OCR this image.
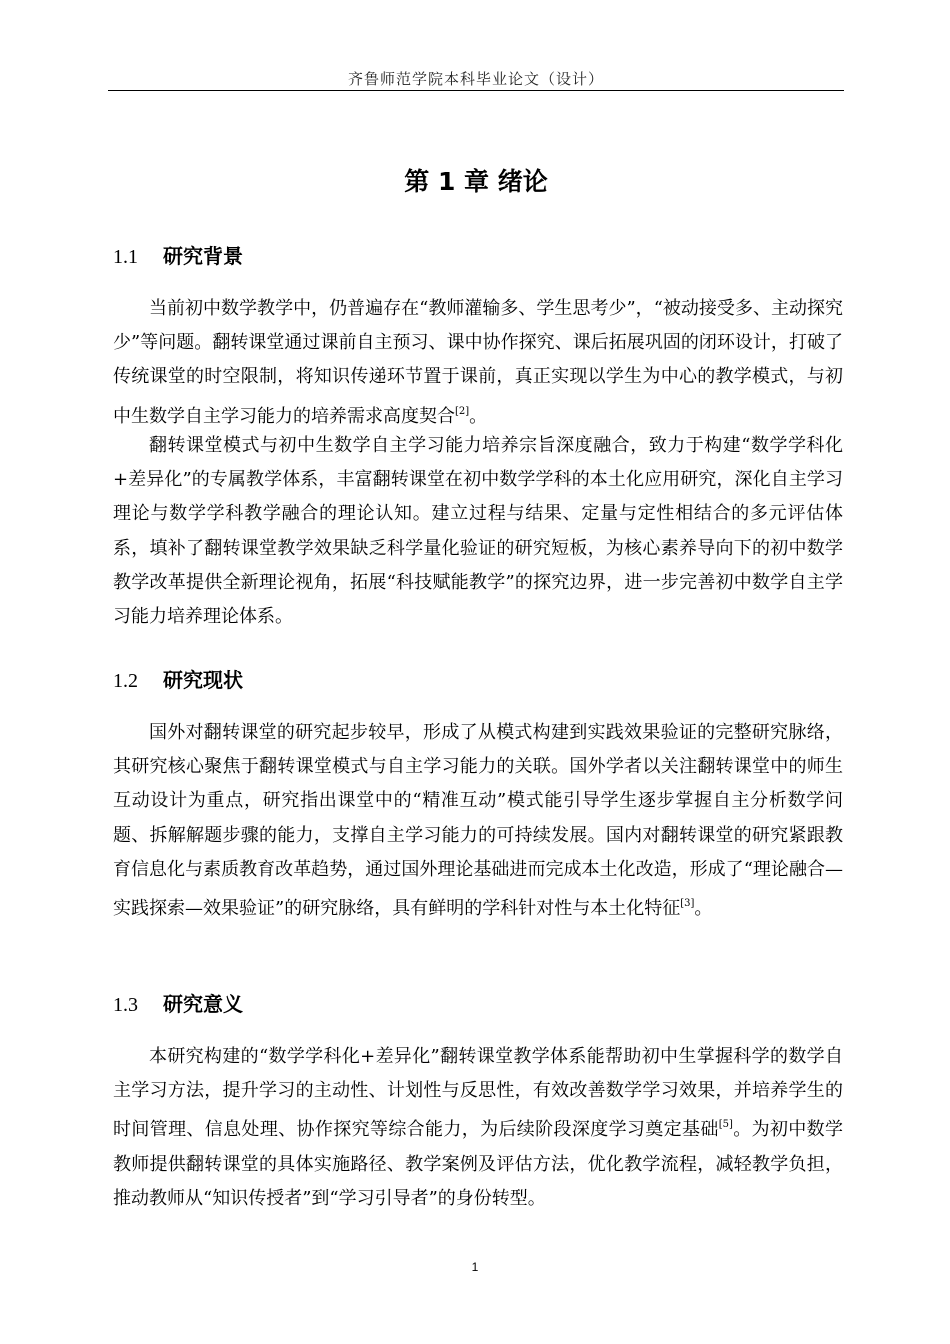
齐鲁师范学院本科毕业论文（设计）
第 1 章 绪论
1.1 研究背景
当前初中数学教学中，仍普遍存在“教师灌输多、学生思考少”，“被动接受多、主动探究少”等问题。翻转课堂通过课前自主预习、课中协作探究、课后拓展巩固的闭环设计，打破了传统课堂的时空限制，将知识传递环节置于课前，真正实现以学生为中心的教学模式，与初中生数学自主学习能力的培养需求高度契合[2]。
翻转课堂模式与初中生数学自主学习能力培养宗旨深度融合，致力于构建“数学学科化+差异化”的专属教学体系，丰富翻转课堂在初中数学学科的本土化应用研究，深化自主学习理论与数学学科教学融合的理论认知。建立过程与结果、定量与定性相结合的多元评估体系，填补了翻转课堂教学效果缺乏科学量化验证的研究短板，为核心素养导向下的初中数学教学改革提供全新理论视角，拓展“科技赋能教学”的探究边界，进一步完善初中数学自主学习能力培养理论体系。
1.2 研究现状
国外对翻转课堂的研究起步较早，形成了从模式构建到实践效果验证的完整研究脉络，其研究核心聚焦于翻转课堂模式与自主学习能力的关联。国外学者以关注翻转课堂中的师生互动设计为重点，研究指出课堂中的“精准互动”模式能引导学生逐步掌握自主分析数学问题、拆解解题步骤的能力，支撑自主学习能力的可持续发展。国内对翻转课堂的研究紧跟教育信息化与素质教育改革趋势，通过国外理论基础进而完成本土化改造，形成了“理论融合—实践探索—效果验证”的研究脉络，具有鲜明的学科针对性与本土化特征[3]。
1.3 研究意义
本研究构建的“数学学科化+差异化”翻转课堂教学体系能帮助初中生掌握科学的数学自主学习方法，提升学习的主动性、计划性与反思性，有效改善数学学习效果，并培养学生的时间管理、信息处理、协作探究等综合能力，为后续阶段深度学习奠定基础[5]。为初中数学教师提供翻转课堂的具体实施路径、教学案例及评估方法，优化教学流程，减轻教学负担，推动教师从“知识传授者”到“学习引导者”的身份转型。
1
